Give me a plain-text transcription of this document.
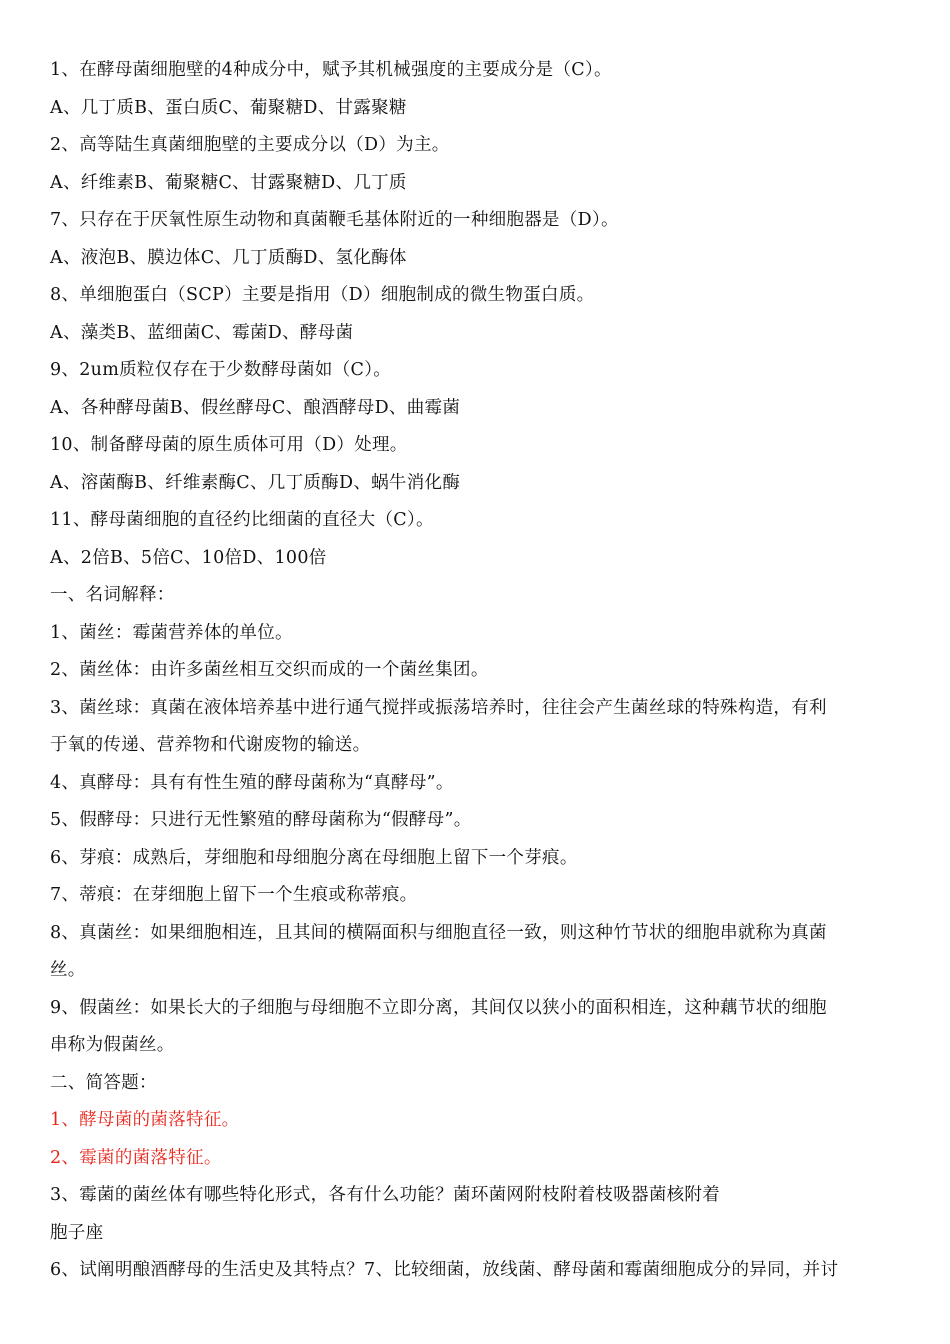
1、在酵母菌细胞壁的4种成分中，赋予其机械强度的主要成分是（C）。
A、几丁质B、蛋白质C、葡聚糖D、甘露聚糖
2、高等陆生真菌细胞壁的主要成分以（D）为主。
A、纤维素B、葡聚糖C、甘露聚糖D、几丁质
7、只存在于厌氧性原生动物和真菌鞭毛基体附近的一种细胞器是（D）。
A、液泡B、膜边体C、几丁质酶D、氢化酶体
8、单细胞蛋白（SCP）主要是指用（D）细胞制成的微生物蛋白质。
A、藻类B、蓝细菌C、霉菌D、酵母菌
9、2um质粒仅存在于少数酵母菌如（C）。
A、各种酵母菌B、假丝酵母C、酿酒酵母D、曲霉菌
10、制备酵母菌的原生质体可用（D）处理。
A、溶菌酶B、纤维素酶C、几丁质酶D、蜗牛消化酶
11、酵母菌细胞的直径约比细菌的直径大（C）。
A、2倍B、5倍C、10倍D、100倍
一、名词解释：
1、菌丝：霉菌营养体的单位。
2、菌丝体：由许多菌丝相互交织而成的一个菌丝集团。
3、菌丝球：真菌在液体培养基中进行通气搅拌或振荡培养时，往往会产生菌丝球的特殊构造，有利
于氧的传递、营养物和代谢废物的输送。
4、真酵母：具有有性生殖的酵母菌称为“真酵母”。
5、假酵母：只进行无性繁殖的酵母菌称为“假酵母”。
6、芽痕：成熟后，芽细胞和母细胞分离在母细胞上留下一个芽痕。
7、蒂痕：在芽细胞上留下一个生痕或称蒂痕。
8、真菌丝：如果细胞相连，且其间的横隔面积与细胞直径一致，则这种竹节状的细胞串就称为真菌
丝。
9、假菌丝：如果长大的子细胞与母细胞不立即分离，其间仅以狭小的面积相连，这种藕节状的细胞
串称为假菌丝。
二、简答题：
1、酵母菌的菌落特征。
2、霉菌的菌落特征。
3、霉菌的菌丝体有哪些特化形式，各有什么功能？菌环菌网附枝附着枝吸器菌核附着
胞子座
6、试阐明酿酒酵母的生活史及其特点？7、比较细菌，放线菌、酵母菌和霉菌细胞成分的异同，并讨
